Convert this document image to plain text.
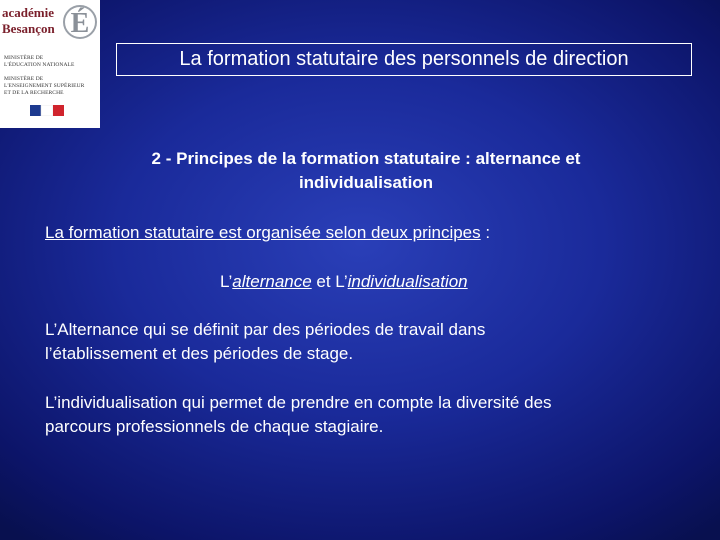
académie
Besançon É
MINISTÈRE DE
L'ÉDUCATION NATIONALE
MINISTÈRE DE
L'ENSEIGNEMENT SUPÉRIEUR
ET DE LA RECHERCHE
La formation statutaire des personnels de direction
2 - Principes de la formation statutaire : alternance et
individualisation
La formation statutaire est organisée selon deux principes :
L’alternance et L’individualisation
L’Alternance qui se définit par des périodes de travail dans
l’établissement et des périodes de stage.
L’individualisation qui permet de prendre en compte la diversité des
parcours professionnels de chaque stagiaire.
